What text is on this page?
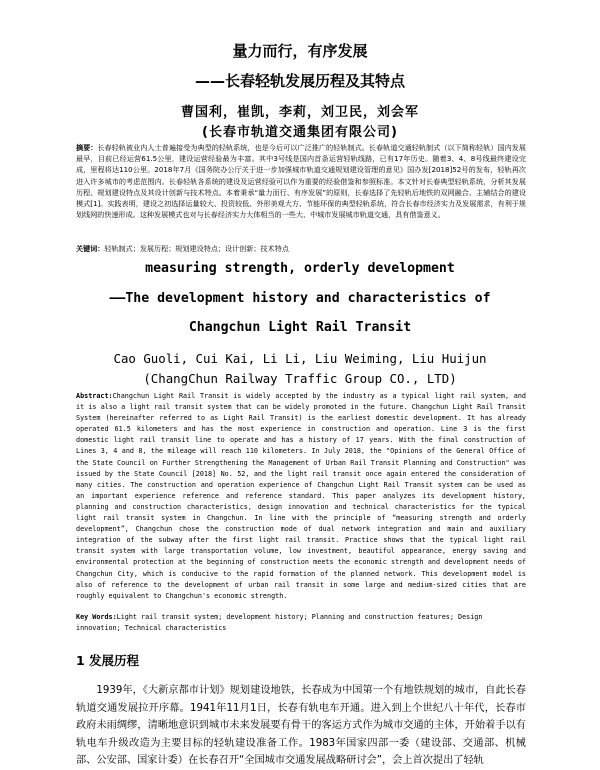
量力而行，有序发展
——长春轻轨发展历程及其特点
曹国利，崔凯，李莉，刘卫民，刘会军
(长春市轨道交通集团有限公司)
摘要：长春轻轨被业内人士普遍接受为典型的轻轨系统，也是今后可以广泛推广的轻轨制式。长春轨道交通轻轨制式（以下简称轻轨）国内发展最早，目前已经运营61.5公里，建设运营经验最为丰富。其中3号线是国内首条运营轻轨线路，已有17年历史。随着3、4、8号线最终建设完成，里程将达110公里。2018年7月《国务院办公厅关于进一步加强城市轨道交通规划建设管理的意见》国办发[2018]52号的发布，轻轨再次进入许多城市的考虑范围内。长春轻轨各系统的建设及运营经验可以作为重要的经验借鉴和参照标准。本文针对长春典型轻轨系统，分析其发展历程、规划建设特点及其设计创新与技术特点。本着秉承“量力而行、有序发展”的原则，长春选择了先轻轨后地铁的双网融合、主辅结合的建设模式[1]。实践表明，建设之初选择运量较大、投资较低、外形美观大方、节能环保的典型轻轨系统，符合长春市经济实力及发展需求，有利于规划线网的快速形成。这种发展模式也对与长春经济实力大体相当的一些大、中城市发展城市轨道交通，具有借鉴意义。
关键词：轻轨制式；发展历程；规划建设特点；设计创新；技术特点
measuring strength, orderly development
——The development history and characteristics of
Changchun Light Rail Transit
Cao Guoli, Cui Kai, Li Li, Liu Weiming, Liu Huijun
(ChangChun Railway Traffic Group CO., LTD)
Abstract:Changchun Light Rail Transit is widely accepted by the industry as a typical light rail system, and it is also a light rail transit system that can be widely promoted in the future. Changchun Light Rail Transit System (hereinafter referred to as Light Rail Transit) is the earliest domestic development. It has already operated 61.5 kilometers and has the most experience in construction and operation. Line 3 is the first domestic light rail transit line to operate and has a history of 17 years. With the final construction of Lines 3, 4 and 8, the mileage will reach 110 kilometers. In July 2018, the "Opinions of the General Office of the State Council on Further Strengthening the Management of Urban Rail Transit Planning and Construction" was issued by the State Council [2018] No. 52, and the light rail transit once again entered the consideration of many cities. The construction and operation experience of Changchun Light Rail Transit system can be used as an important experience reference and reference standard. This paper analyzes its development history, planning and construction characteristics, design innovation and technical characteristics for the typical light rail transit system in Changchun. In line with the principle of “measuring strength and orderly development”, Changchun chose the construction mode of dual network integration and main and auxiliary integration of the subway after the first light rail transit. Practice shows that the typical light rail transit system with large transportation volume, low investment, beautiful appearance, energy saving and environmental protection at the beginning of construction meets the economic strength and development needs of Changchun City, which is conducive to the rapid formation of the planned network. This development model is also of reference to the development of urban rail transit in some large and medium-sized cities that are roughly equivalent to Changchun's economic strength.
Key Words:Light rail transit system; development history; Planning and construction features; Design innovation; Technical characteristics
1 发展历程
1939年，《大新京都市计划》规划建设地铁，长春成为中国第一个有地铁规划的城市，自此长春轨道交通发展拉开序幕。1941年11月1日，长春有轨电车开通。进入到上个世纪八十年代，长春市政府未雨绸缪，清晰地意识到城市未来发展要有骨干的客运方式作为城市交通的主体，开始着手以有轨电车升级改造为主要目标的轻轨建设准备工作。1983年国家四部一委（建设部、交通部、机械部、公安部、国家计委）在长春召开“全国城市交通发展战略研讨会”，会上首次提出了轻轨
